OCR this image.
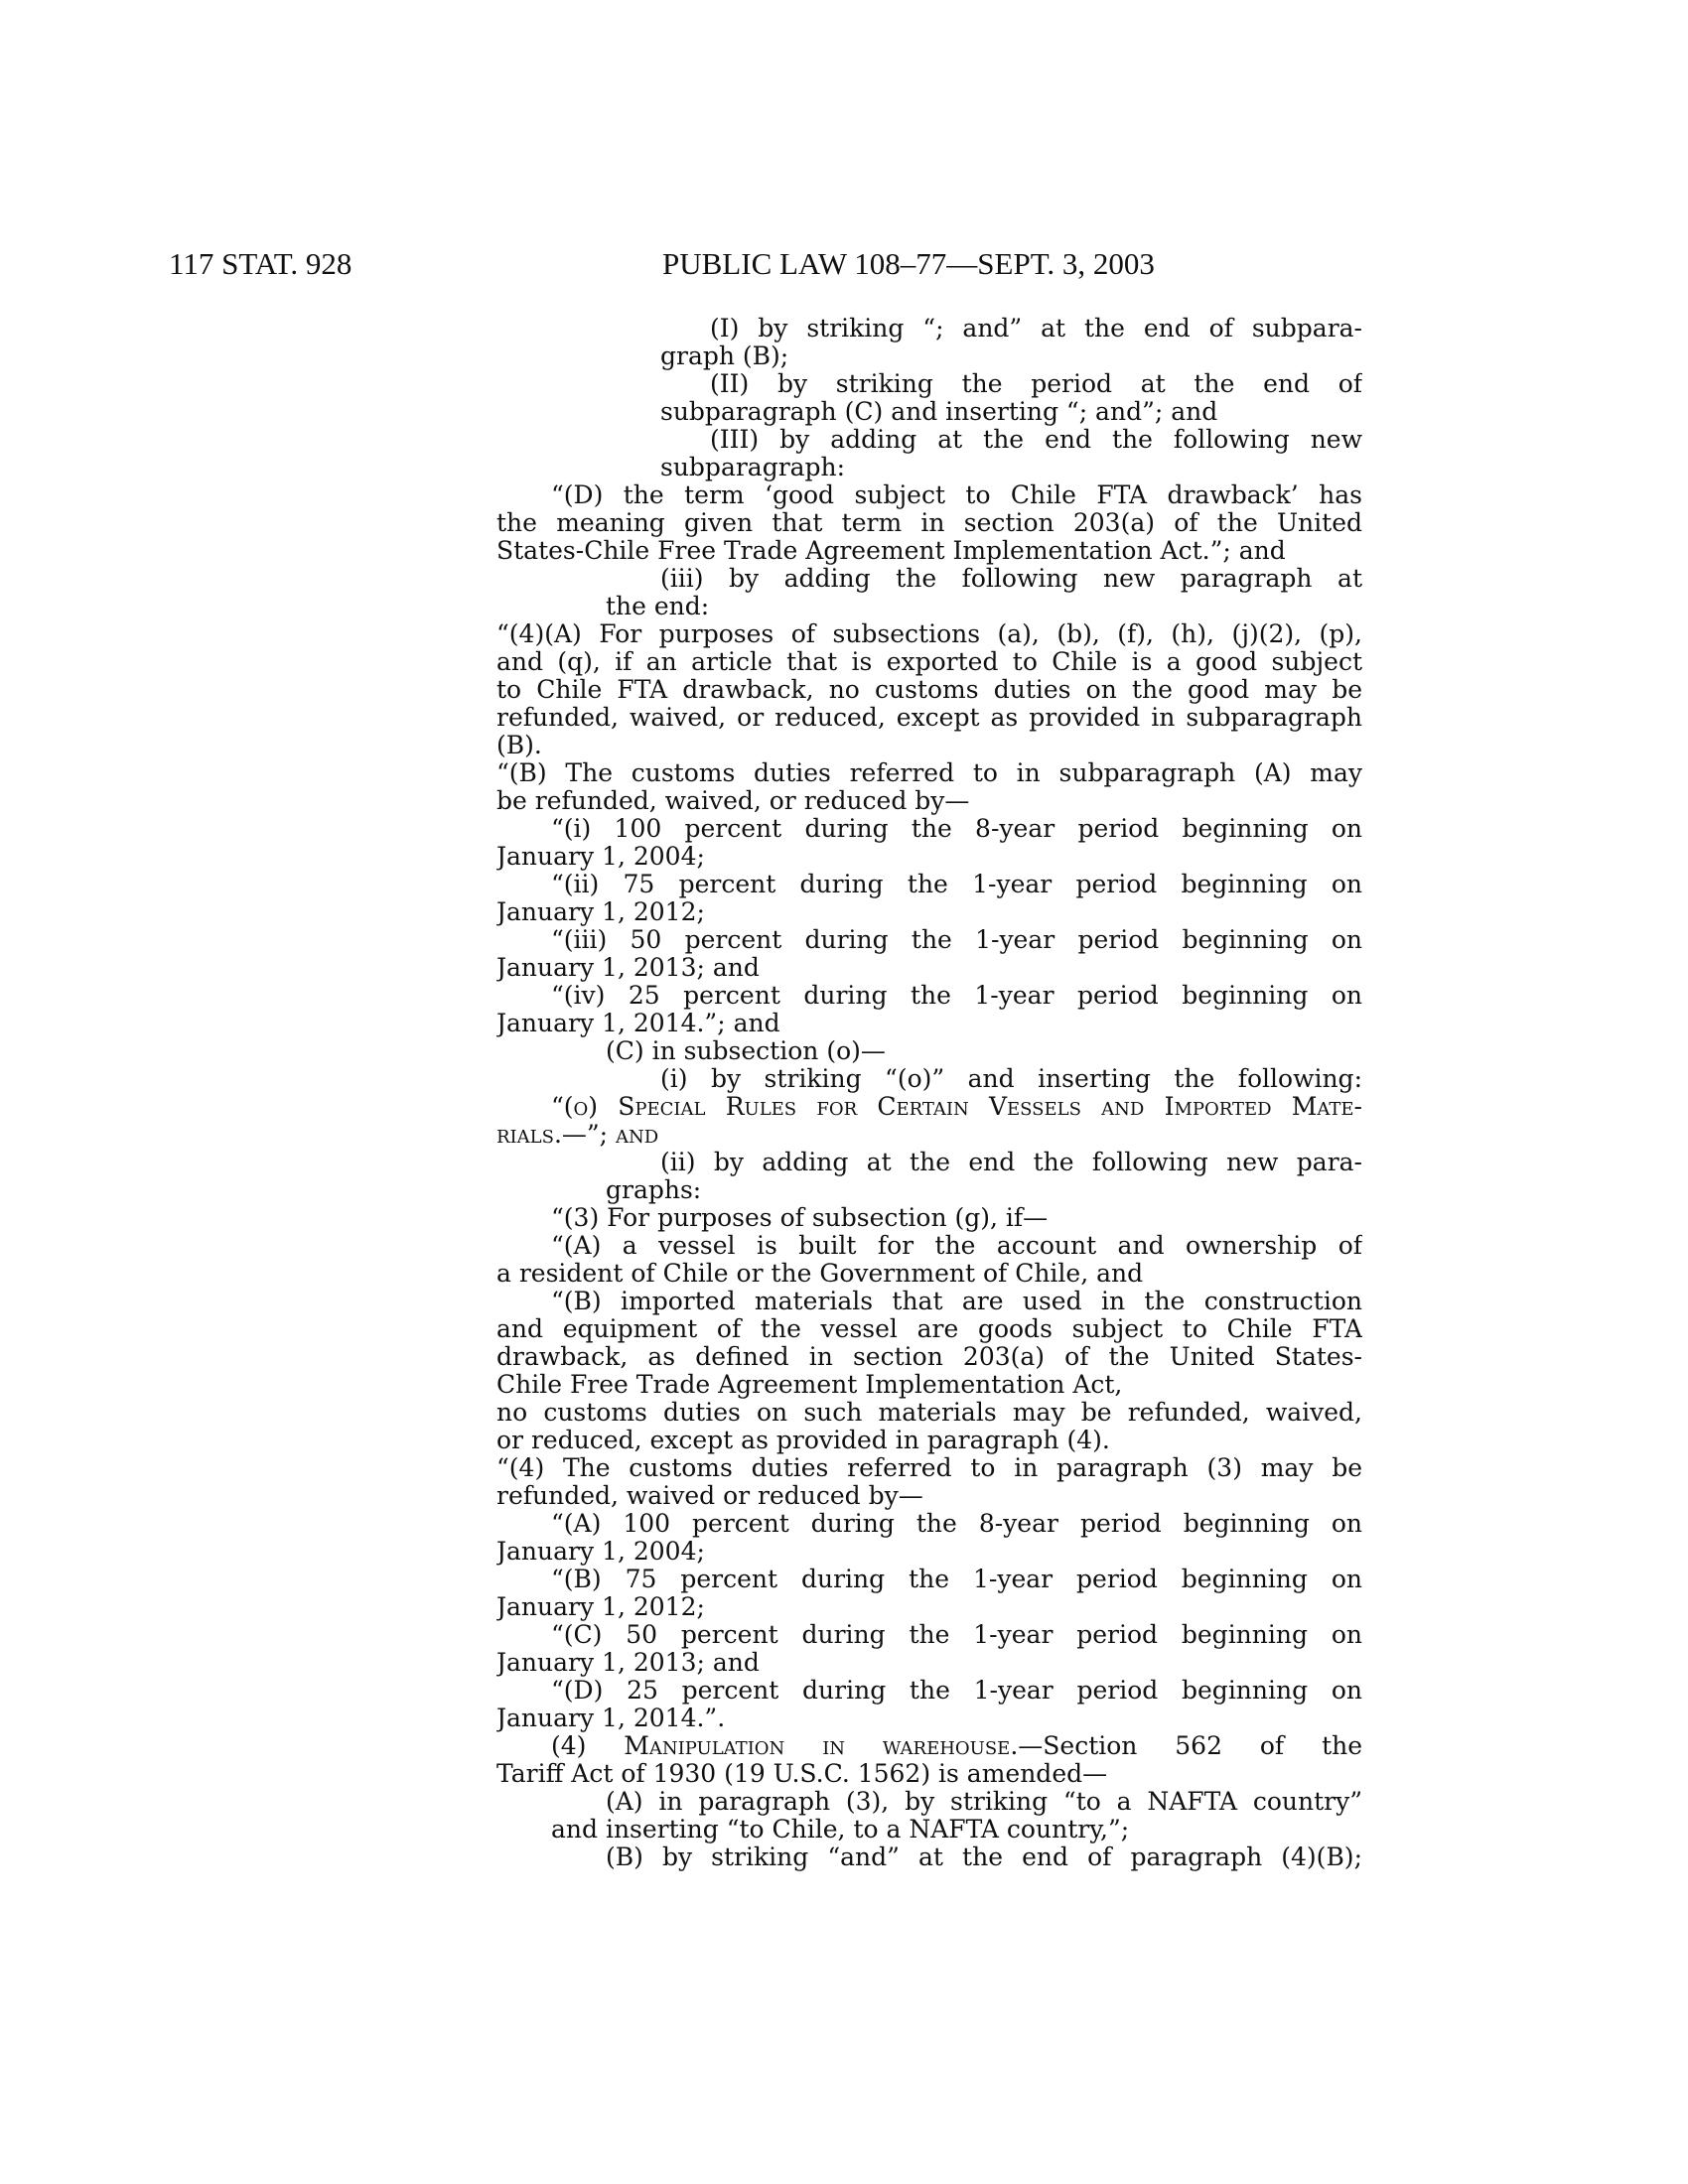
117 STAT. 928	PUBLIC LAW 108–77—SEPT. 3, 2003
(I) by striking “; and” at the end of subpara-
graph (B);
(II) by striking the period at the end of
subparagraph (C) and inserting “; and”; and
(III) by adding at the end the following new
subparagraph:
“(D) the term ‘good subject to Chile FTA drawback’ has
the meaning given that term in section 203(a) of the United
States-Chile Free Trade Agreement Implementation Act.”; and
(iii) by adding the following new paragraph at
the end:
“(4)(A) For purposes of subsections (a), (b), (f), (h), (j)(2), (p),
and (q), if an article that is exported to Chile is a good subject
to Chile FTA drawback, no customs duties on the good may be
refunded, waived, or reduced, except as provided in subparagraph
(B).
“(B) The customs duties referred to in subparagraph (A) may
be refunded, waived, or reduced by—
“(i) 100 percent during the 8-year period beginning on
January 1, 2004;
“(ii) 75 percent during the 1-year period beginning on
January 1, 2012;
“(iii) 50 percent during the 1-year period beginning on
January 1, 2013; and
“(iv) 25 percent during the 1-year period beginning on
January 1, 2014.”; and
(C) in subsection (o)—
(i) by striking “(o)” and inserting the following:
“(o) Special Rules for Certain Vessels and Imported Mate-
rials.—”; and
(ii) by adding at the end the following new para-
graphs:
“(3) For purposes of subsection (g), if—
“(A) a vessel is built for the account and ownership of
a resident of Chile or the Government of Chile, and
“(B) imported materials that are used in the construction
and equipment of the vessel are goods subject to Chile FTA
drawback, as defined in section 203(a) of the United States-
Chile Free Trade Agreement Implementation Act,
no customs duties on such materials may be refunded, waived,
or reduced, except as provided in paragraph (4).
“(4) The customs duties referred to in paragraph (3) may be
refunded, waived or reduced by—
“(A) 100 percent during the 8-year period beginning on
January 1, 2004;
“(B) 75 percent during the 1-year period beginning on
January 1, 2012;
“(C) 50 percent during the 1-year period beginning on
January 1, 2013; and
“(D) 25 percent during the 1-year period beginning on
January 1, 2014.”.
(4) Manipulation in warehouse.—Section 562 of the
Tariff Act of 1930 (19 U.S.C. 1562) is amended—
(A) in paragraph (3), by striking “to a NAFTA country”
and inserting “to Chile, to a NAFTA country,”;
(B) by striking “and” at the end of paragraph (4)(B);
